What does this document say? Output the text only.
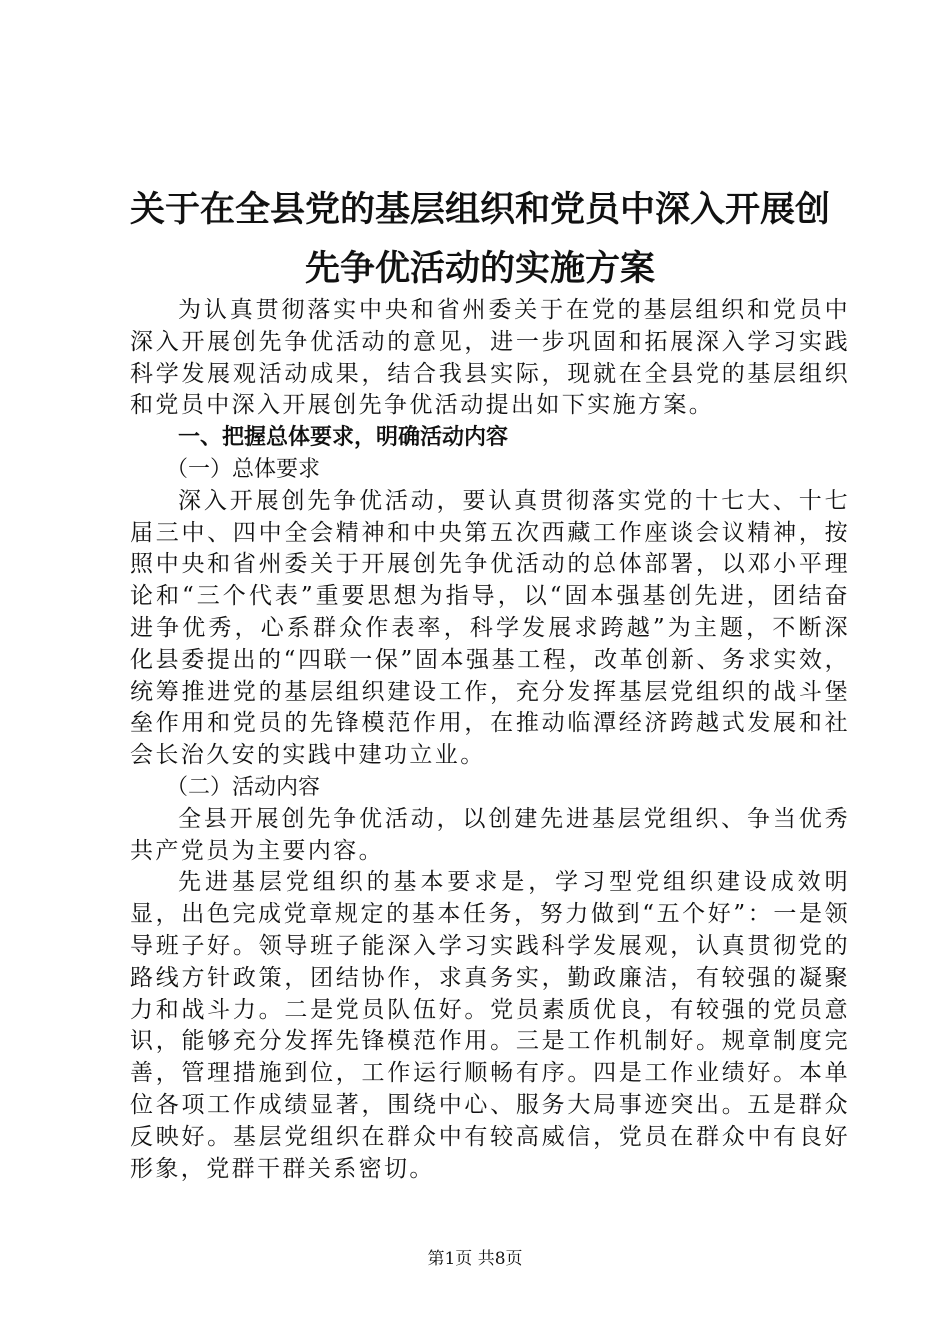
关于在全县党的基层组织和党员中深入开展创
先争优活动的实施方案

为认真贯彻落实中央和省州委关于在党的基层组织和党员中深入开展创先争优活动的意见，进一步巩固和拓展深入学习实践科学发展观活动成果，结合我县实际，现就在全县党的基层组织和党员中深入开展创先争优活动提出如下实施方案。

一、把握总体要求，明确活动内容
（一）总体要求

深入开展创先争优活动，要认真贯彻落实党的十七大、十七届三中、四中全会精神和中央第五次西藏工作座谈会议精神，按照中央和省州委关于开展创先争优活动的总体部署，以邓小平理论和“三个代表”重要思想为指导，以“固本强基创先进，团结奋进争优秀，心系群众作表率，科学发展求跨越”为主题，不断深化县委提出的“四联一保”固本强基工程，改革创新、务求实效，统筹推进党的基层组织建设工作，充分发挥基层党组织的战斗堡垒作用和党员的先锋模范作用，在推动临潭经济跨越式发展和社会长治久安的实践中建功立业。

（二）活动内容

全县开展创先争优活动，以创建先进基层党组织、争当优秀共产党员为主要内容。

先进基层党组织的基本要求是，学习型党组织建设成效明显，出色完成党章规定的基本任务，努力做到“五个好”：一是领导班子好。领导班子能深入学习实践科学发展观，认真贯彻党的路线方针政策，团结协作，求真务实，勤政廉洁，有较强的凝聚力和战斗力。二是党员队伍好。党员素质优良，有较强的党员意识，能够充分发挥先锋模范作用。三是工作机制好。规章制度完善，管理措施到位，工作运行顺畅有序。四是工作业绩好。本单位各项工作成绩显著，围绕中心、服务大局事迹突出。五是群众反映好。基层党组织在群众中有较高威信，党员在群众中有良好形象，党群干群关系密切。

第1页 共8页
